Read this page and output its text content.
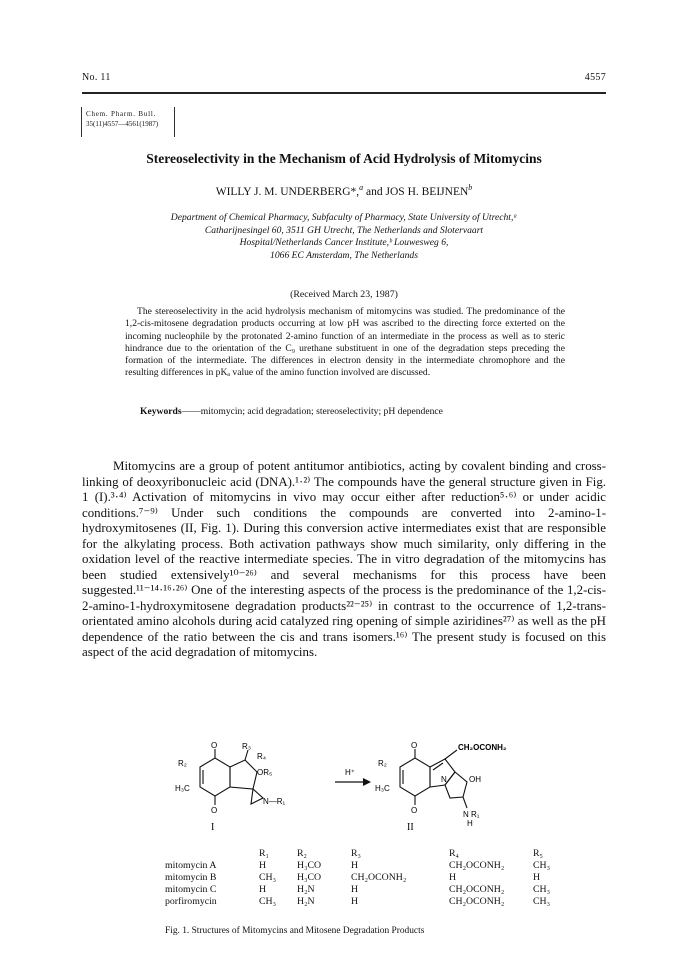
No. 11	4557
Chem. Pharm. Bull.
35(11)4557—4561(1987)
Stereoselectivity in the Mechanism of Acid Hydrolysis of Mitomycins
WILLY J. M. UNDERBERG*,$^a$ and JOS H. BEIJNEN$^b$
Department of Chemical Pharmacy, Subfaculty of Pharmacy, State University of Utrecht,ᵃ
Catharijnesingel 60, 3511 GH Utrecht, The Netherlands and Slotervaart
Hospital/Netherlands Cancer Institute,ᵇ Louwesweg 6,
1066 EC Amsterdam, The Netherlands
(Received March 23, 1987)
The stereoselectivity in the acid hydrolysis mechanism of mitomycins was studied. The predominance of the 1,2-cis-mitosene degradation products occurring at low pH was ascribed to the directing force exterted on the incoming nucleophile by the protonated 2-amino function of an intermediate in the process as well as to steric hindrance due to the orientation of the C₉ urethane substituent in one of the degradation steps preceding the formation of the intermediate. The differences in electron density in the intermediate chromophore and the resulting differences in pKₐ value of the amino function involved are discussed.
Keywords——mitomycin; acid degradation; stereoselectivity; pH dependence
Mitomycins are a group of potent antitumor antibiotics, acting by covalent binding and cross-linking of deoxyribonucleic acid (DNA).¹·²⁾ The compounds have the general structure given in Fig. 1 (I).³·⁴⁾ Activation of mitomycins in vivo may occur either after reduction⁵·⁶⁾ or under acidic conditions.⁷⁻⁹⁾ Under such conditions the compounds are converted into 2-amino-1-hydroxymitosenes (II, Fig. 1). During this conversion active intermediates exist that are responsible for the alkylating process. Both activation pathways show much similarity, only differing in the oxidation level of the reactive intermediate species. The in vitro degradation of the mitomycins has been studied extensively¹⁰⁻²⁶⁾ and several mechanisms for this process have been suggested.¹¹⁻¹⁴·¹⁶·²⁶⁾ One of the interesting aspects of the process is the predominance of the 1,2-cis-2-amino-1-hydroxymitosene degradation products²²⁻²⁵⁾ in contrast to the occurrence of 1,2-trans-orientated amino alcohols during acid catalyzed ring opening of simple aziridines²⁷⁾ as well as the pH dependence of the ratio between the cis and trans isomers.¹⁶⁾ The present study is focused on this aspect of the acid degradation of mitomycins.
O
R₂
R₃
R₄
OR₅
H₃C
O
N—R₁
I
H⁺
O
R₂
CH₂OCONH₂
OH
H₃C
O
N
N R₁
H
II
	R₁	R₂	R₃	R₄	R₅
mitomycin A	H	H₃CO	H	CH₂OCONH₂	CH₃
mitomycin B	CH₃	H₃CO	CH₂OCONH₂	H	H
mitomycin C	H	H₂N	H	CH₂OCONH₂	CH₃
porfiromycin	CH₃	H₂N	H	CH₂OCONH₂	CH₃
Fig. 1. Structures of Mitomycins and Mitosene Degradation Products
